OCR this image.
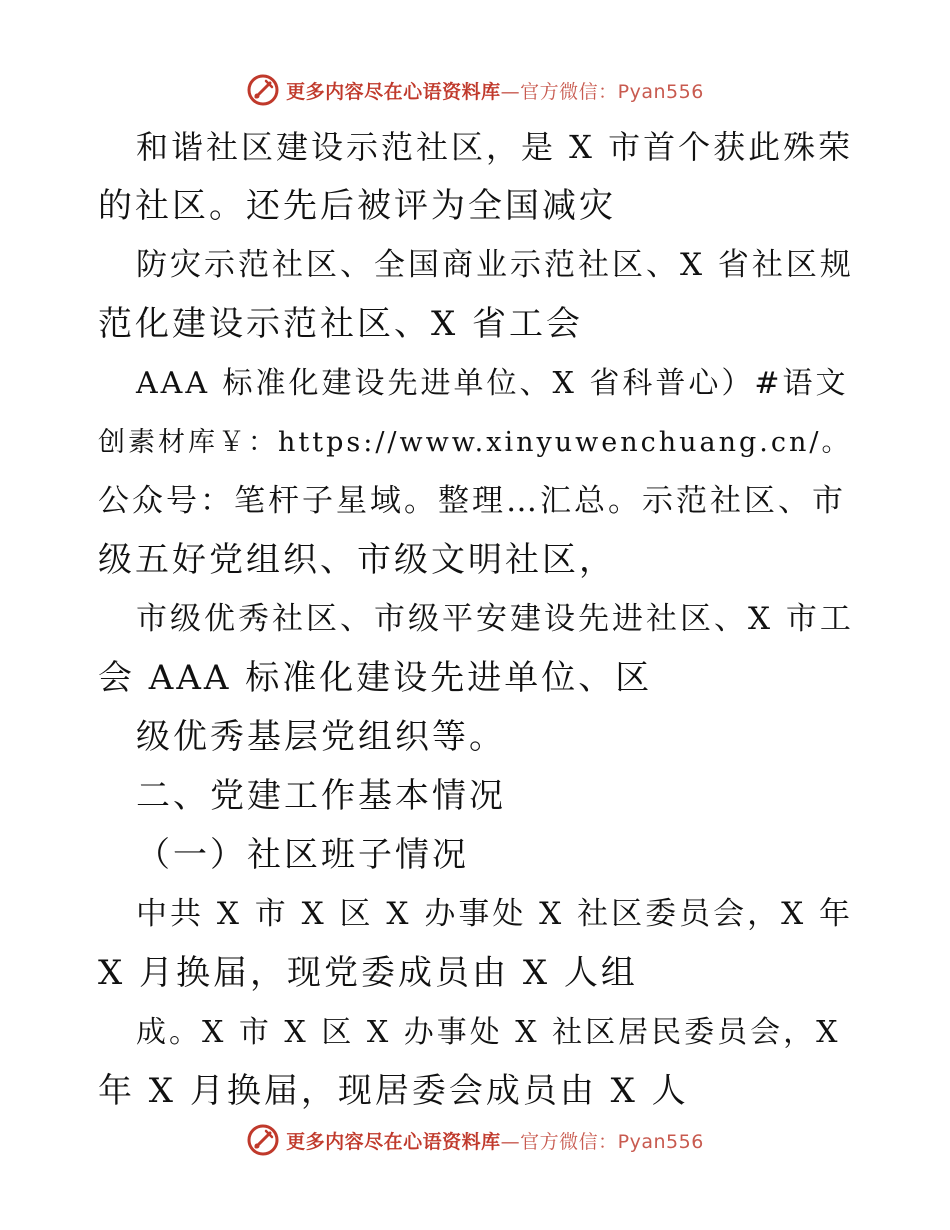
更多内容尽在心语资料库—官方微信：Pyan556
和谐社区建设示范社区，是 X 市首个获此殊荣
的社区。还先后被评为全国减灾
防灾示范社区、全国商业示范社区、X 省社区规
范化建设示范社区、X 省工会
AAA 标准化建设先进单位、X 省科普心）#语文
创素材库￥：https://www.xinyuwenchuang.cn/。
公众号：笔杆子星域。整理…汇总。示范社区、市
级五好党组织、市级文明社区，
市级优秀社区、市级平安建设先进社区、X 市工
会 AAA 标准化建设先进单位、区
级优秀基层党组织等。
二、党建工作基本情况
（一）社区班子情况
中共 X 市 X 区 X 办事处 X 社区委员会，X 年
X 月换届，现党委成员由 X 人组
成。X 市 X 区 X 办事处 X 社区居民委员会，X
年 X 月换届，现居委会成员由 X 人
更多内容尽在心语资料库—官方微信：Pyan556
